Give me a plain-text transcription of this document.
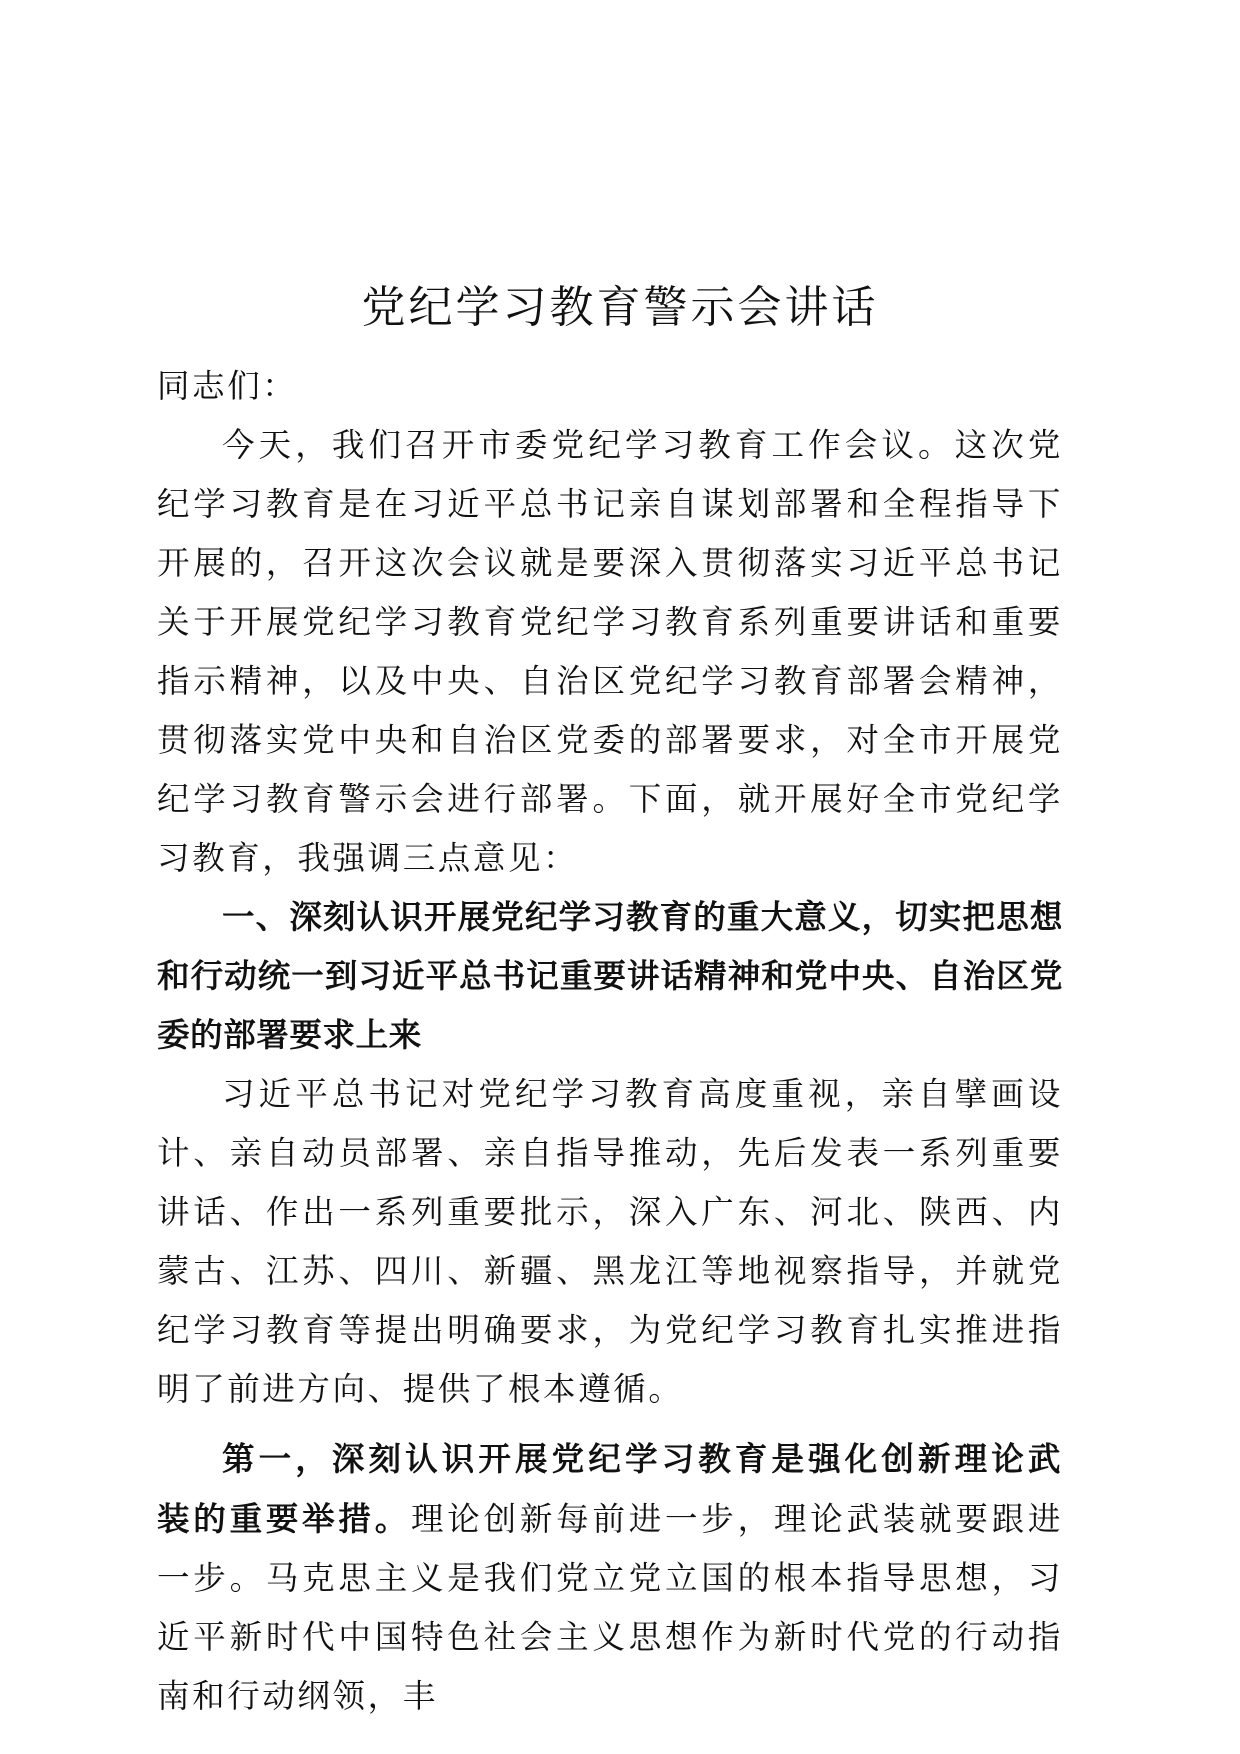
党纪学习教育警示会讲话

同志们：

今天，我们召开市委党纪学习教育工作会议。这次党纪学习教育是在习近平总书记亲自谋划部署和全程指导下开展的，召开这次会议就是要深入贯彻落实习近平总书记关于开展党纪学习教育党纪学习教育系列重要讲话和重要指示精神，以及中央、自治区党纪学习教育部署会精神，贯彻落实党中央和自治区党委的部署要求，对全市开展党纪学习教育警示会进行部署。下面，就开展好全市党纪学习教育，我强调三点意见：

一、深刻认识开展党纪学习教育的重大意义，切实把思想和行动统一到习近平总书记重要讲话精神和党中央、自治区党委的部署要求上来

习近平总书记对党纪学习教育高度重视，亲自擘画设计、亲自动员部署、亲自指导推动，先后发表一系列重要讲话、作出一系列重要批示，深入广东、河北、陕西、内蒙古、江苏、四川、新疆、黑龙江等地视察指导，并就党纪学习教育等提出明确要求，为党纪学习教育扎实推进指明了前进方向、提供了根本遵循。

第一，深刻认识开展党纪学习教育是强化创新理论武装的重要举措。理论创新每前进一步，理论武装就要跟进一步。马克思主义是我们党立党立国的根本指导思想，习近平新时代中国特色社会主义思想作为新时代党的行动指南和行动纲领，丰
